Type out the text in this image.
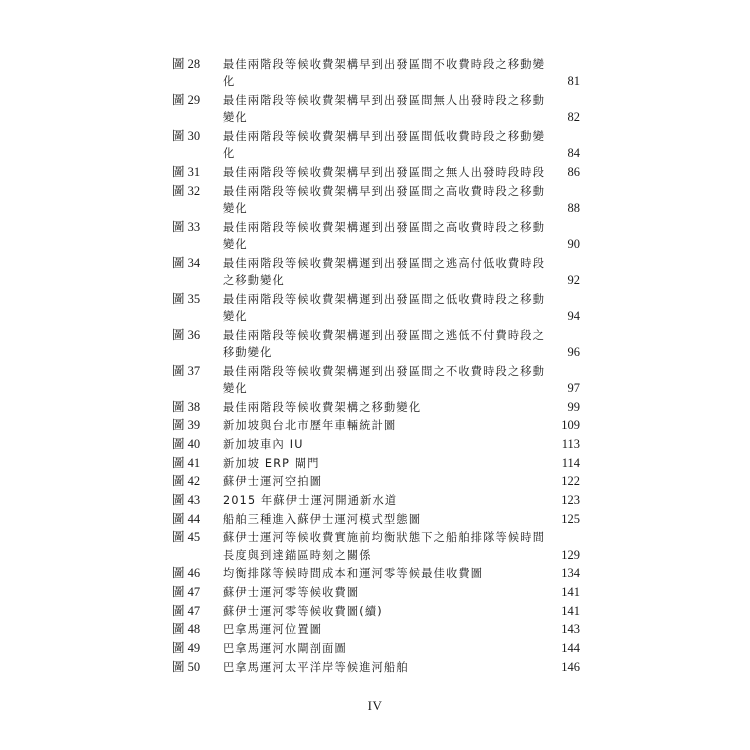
圖 28 最佳兩階段等候收費架構早到出發區間不收費時段之移動變
化	81
圖 29 最佳兩階段等候收費架構早到出發區間無人出發時段之移動
變化	82
圖 30 最佳兩階段等候收費架構早到出發區間低收費時段之移動變
化	84
圖 31 最佳兩階段等候收費架構早到出發區間之無人出發時段時段 86
圖 32 最佳兩階段等候收費架構早到出發區間之高收費時段之移動
變化	88
圖 33 最佳兩階段等候收費架構遲到出發區間之高收費時段之移動
變化	90
圖 34 最佳兩階段等候收費架構遲到出發區間之逃高付低收費時段
之移動變化	92
圖 35 最佳兩階段等候收費架構遲到出發區間之低收費時段之移動
變化	94
圖 36 最佳兩階段等候收費架構遲到出發區間之逃低不付費時段之
移動變化	96
圖 37 最佳兩階段等候收費架構遲到出發區間之不收費時段之移動
變化	97
圖 38 最佳兩階段等候收費架構之移動變化	99
圖 39 新加坡與台北市歷年車輛統計圖	109
圖 40 新加坡車內 IU	113
圖 41 新加坡 ERP 閘門	114
圖 42 蘇伊士運河空拍圖	122
圖 43 2015 年蘇伊士運河開通新水道	123
圖 44 船舶三種進入蘇伊士運河模式型態圖	125
圖 45 蘇伊士運河等候收費實施前均衡狀態下之船舶排隊等候時間
長度與到達錨區時刻之關係	129
圖 46 均衡排隊等候時間成本和運河零等候最佳收費圖	134
圖 47 蘇伊士運河零等候收費圖	141
圖 47 蘇伊士運河零等候收費圖(續)	141
圖 48 巴拿馬運河位置圖	143
圖 49 巴拿馬運河水閘剖面圖	144
圖 50 巴拿馬運河太平洋岸等候進河船舶	146
IV
